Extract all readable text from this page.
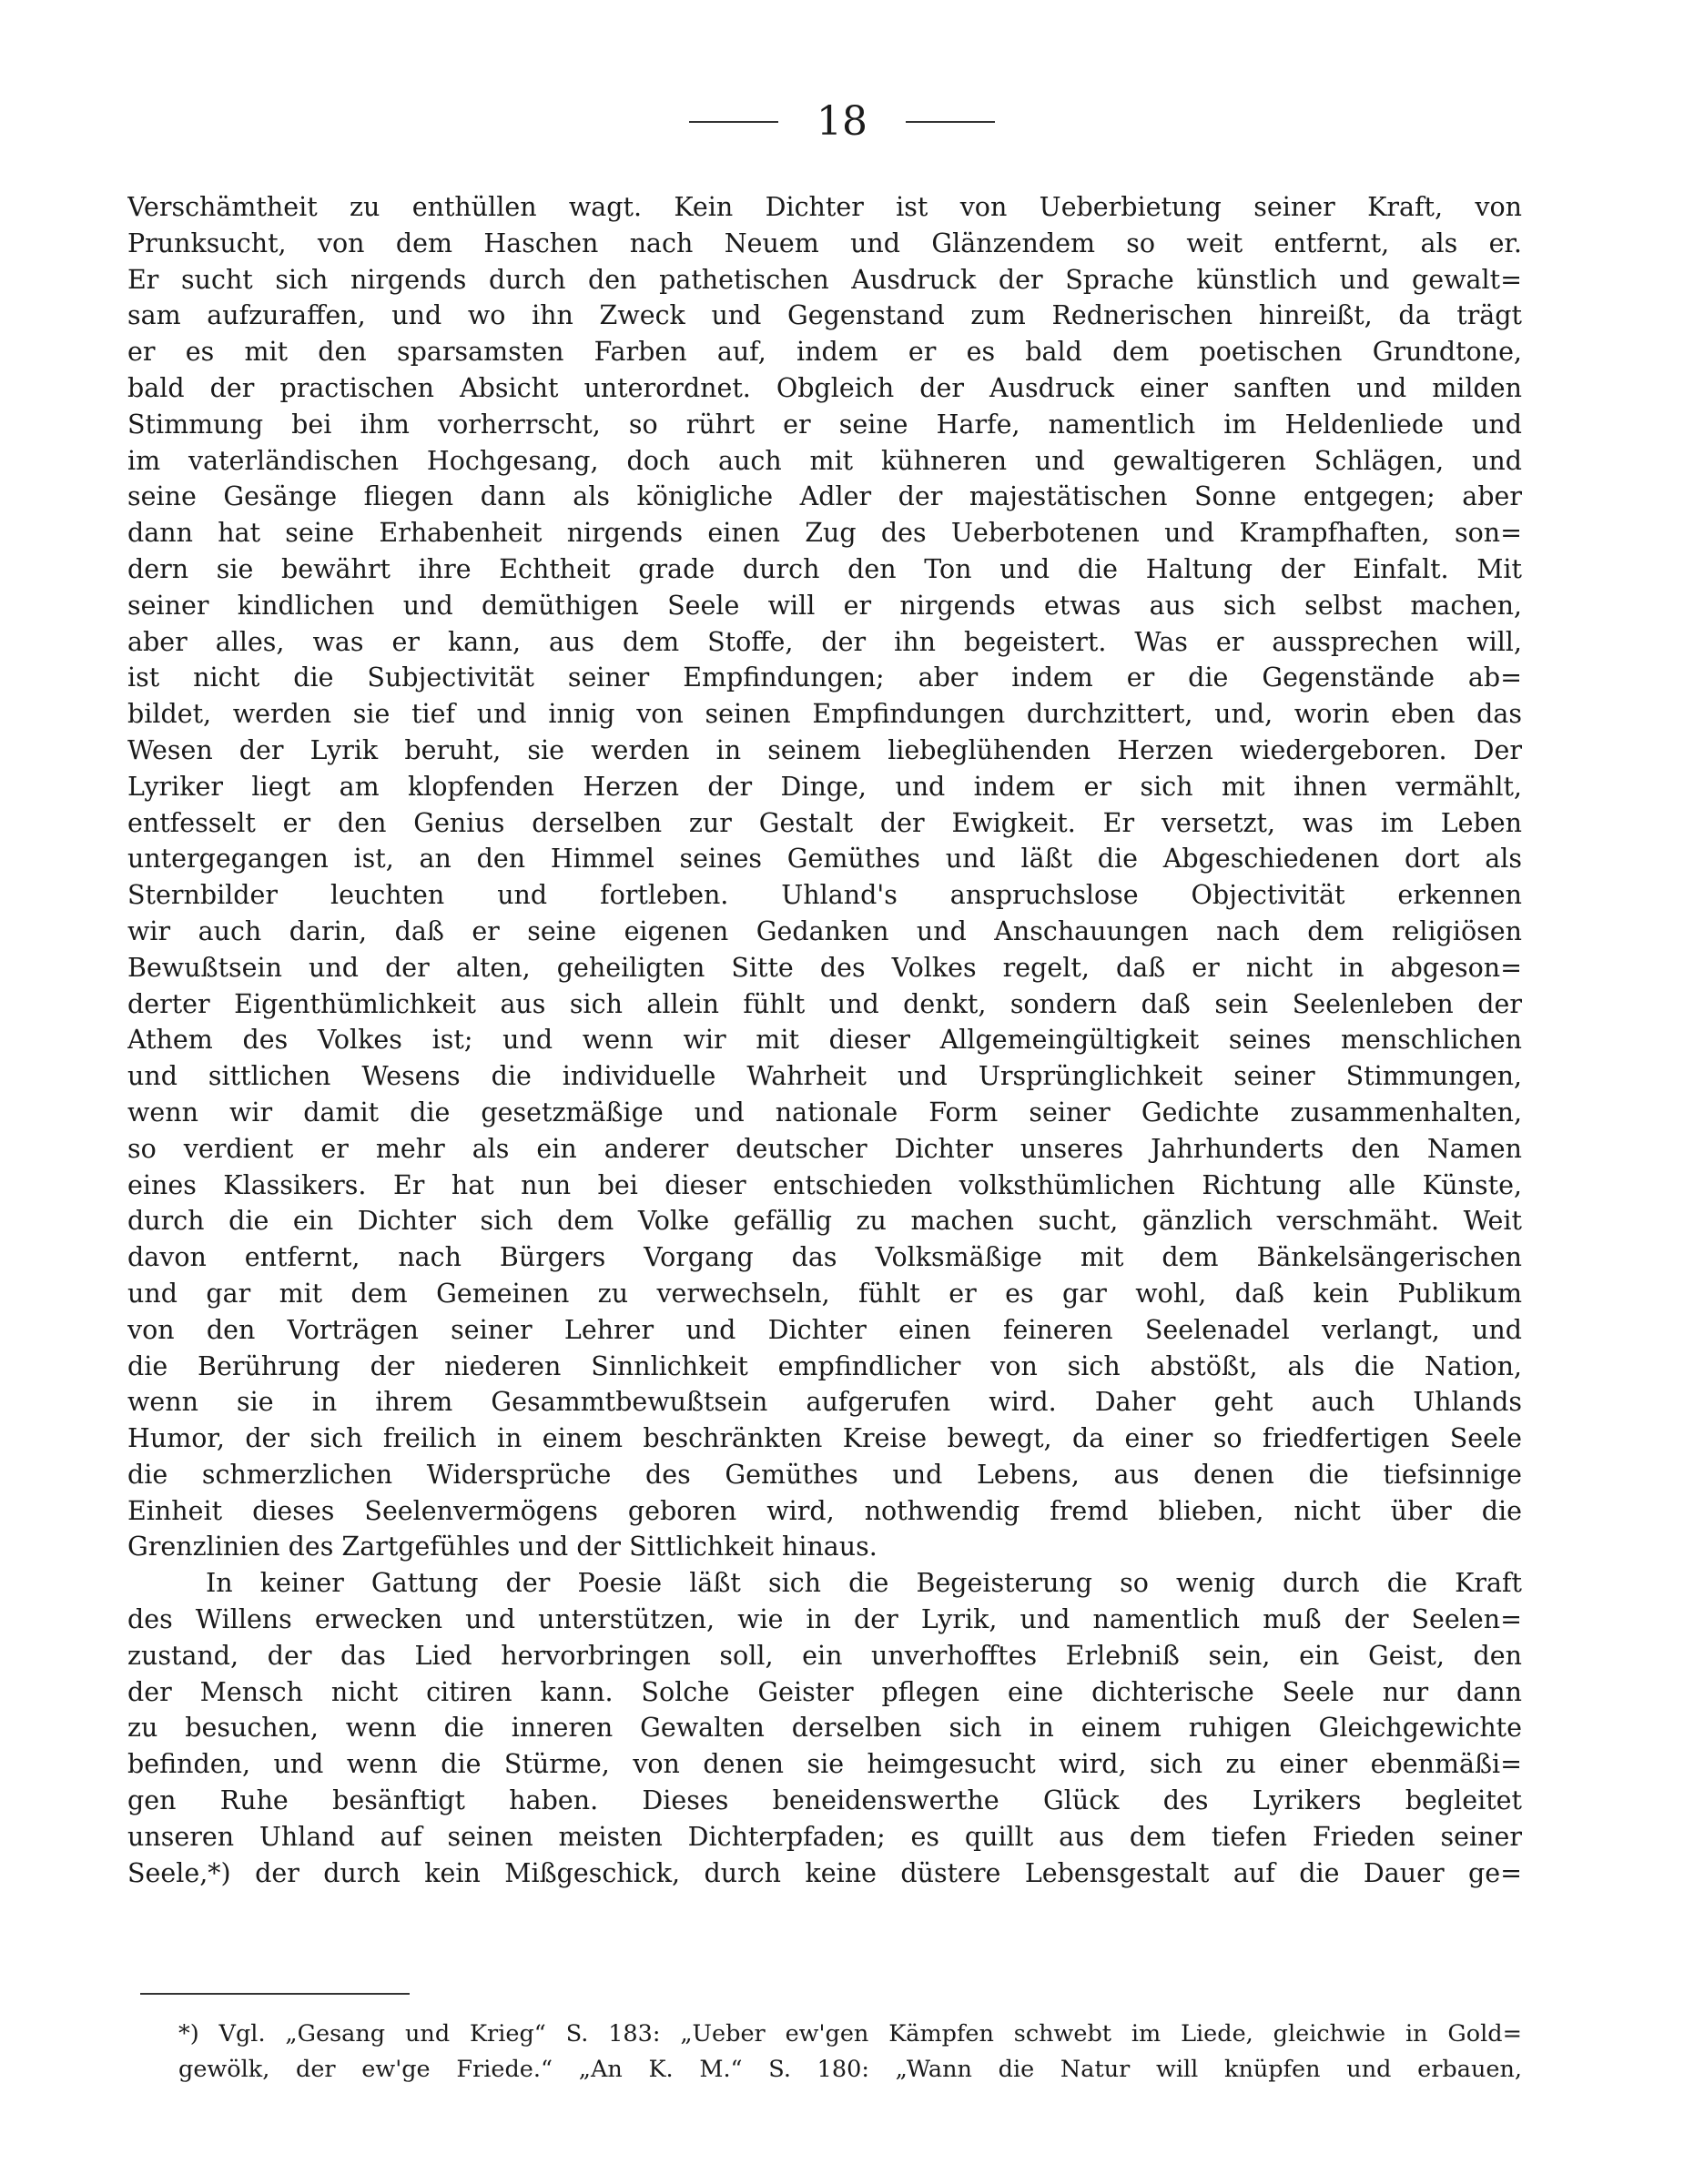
18
Verschämtheit zu enthüllen wagt. Kein Dichter ist von Ueberbietung seiner Kraft, von
Prunksucht, von dem Haschen nach Neuem und Glänzendem so weit entfernt, als er.
Er sucht sich nirgends durch den pathetischen Ausdruck der Sprache künstlich und gewalt=
sam aufzuraffen, und wo ihn Zweck und Gegenstand zum Rednerischen hinreißt, da trägt
er es mit den sparsamsten Farben auf, indem er es bald dem poetischen Grundtone,
bald der practischen Absicht unterordnet. Obgleich der Ausdruck einer sanften und milden
Stimmung bei ihm vorherrscht, so rührt er seine Harfe, namentlich im Heldenliede und
im vaterländischen Hochgesang, doch auch mit kühneren und gewaltigeren Schlägen, und
seine Gesänge fliegen dann als königliche Adler der majestätischen Sonne entgegen; aber
dann hat seine Erhabenheit nirgends einen Zug des Ueberbotenen und Krampfhaften, son=
dern sie bewährt ihre Echtheit grade durch den Ton und die Haltung der Einfalt. Mit
seiner kindlichen und demüthigen Seele will er nirgends etwas aus sich selbst machen,
aber alles, was er kann, aus dem Stoffe, der ihn begeistert. Was er aussprechen will,
ist nicht die Subjectivität seiner Empfindungen; aber indem er die Gegenstände ab=
bildet, werden sie tief und innig von seinen Empfindungen durchzittert, und, worin eben das
Wesen der Lyrik beruht, sie werden in seinem liebeglühenden Herzen wiedergeboren. Der
Lyriker liegt am klopfenden Herzen der Dinge, und indem er sich mit ihnen vermählt,
entfesselt er den Genius derselben zur Gestalt der Ewigkeit. Er versetzt, was im Leben
untergegangen ist, an den Himmel seines Gemüthes und läßt die Abgeschiedenen dort als
Sternbilder leuchten und fortleben. Uhland's anspruchslose Objectivität erkennen
wir auch darin, daß er seine eigenen Gedanken und Anschauungen nach dem religiösen
Bewußtsein und der alten, geheiligten Sitte des Volkes regelt, daß er nicht in abgeson=
derter Eigenthümlichkeit aus sich allein fühlt und denkt, sondern daß sein Seelenleben der
Athem des Volkes ist; und wenn wir mit dieser Allgemeingültigkeit seines menschlichen
und sittlichen Wesens die individuelle Wahrheit und Ursprünglichkeit seiner Stimmungen,
wenn wir damit die gesetzmäßige und nationale Form seiner Gedichte zusammenhalten,
so verdient er mehr als ein anderer deutscher Dichter unseres Jahrhunderts den Namen
eines Klassikers. Er hat nun bei dieser entschieden volksthümlichen Richtung alle Künste,
durch die ein Dichter sich dem Volke gefällig zu machen sucht, gänzlich verschmäht. Weit
davon entfernt, nach Bürgers Vorgang das Volksmäßige mit dem Bänkelsängerischen
und gar mit dem Gemeinen zu verwechseln, fühlt er es gar wohl, daß kein Publikum
von den Vorträgen seiner Lehrer und Dichter einen feineren Seelenadel verlangt, und
die Berührung der niederen Sinnlichkeit empfindlicher von sich abstößt, als die Nation,
wenn sie in ihrem Gesammtbewußtsein aufgerufen wird. Daher geht auch Uhlands
Humor, der sich freilich in einem beschränkten Kreise bewegt, da einer so friedfertigen Seele
die schmerzlichen Widersprüche des Gemüthes und Lebens, aus denen die tiefsinnige
Einheit dieses Seelenvermögens geboren wird, nothwendig fremd blieben, nicht über die
Grenzlinien des Zartgefühles und der Sittlichkeit hinaus.
In keiner Gattung der Poesie läßt sich die Begeisterung so wenig durch die Kraft
des Willens erwecken und unterstützen, wie in der Lyrik, und namentlich muß der Seelen=
zustand, der das Lied hervorbringen soll, ein unverhofftes Erlebniß sein, ein Geist, den
der Mensch nicht citiren kann. Solche Geister pflegen eine dichterische Seele nur dann
zu besuchen, wenn die inneren Gewalten derselben sich in einem ruhigen Gleichgewichte
befinden, und wenn die Stürme, von denen sie heimgesucht wird, sich zu einer ebenmäßi=
gen Ruhe besänftigt haben. Dieses beneidenswerthe Glück des Lyrikers begleitet
unseren Uhland auf seinen meisten Dichterpfaden; es quillt aus dem tiefen Frieden seiner
Seele,*) der durch kein Mißgeschick, durch keine düstere Lebensgestalt auf die Dauer ge=
*) Vgl. „Gesang und Krieg“ S. 183: „Ueber ew'gen Kämpfen schwebt im Liede, gleichwie in Gold=
gewölk, der ew'ge Friede.“ „An K. M.“ S. 180: „Wann die Natur will knüpfen und erbauen,
